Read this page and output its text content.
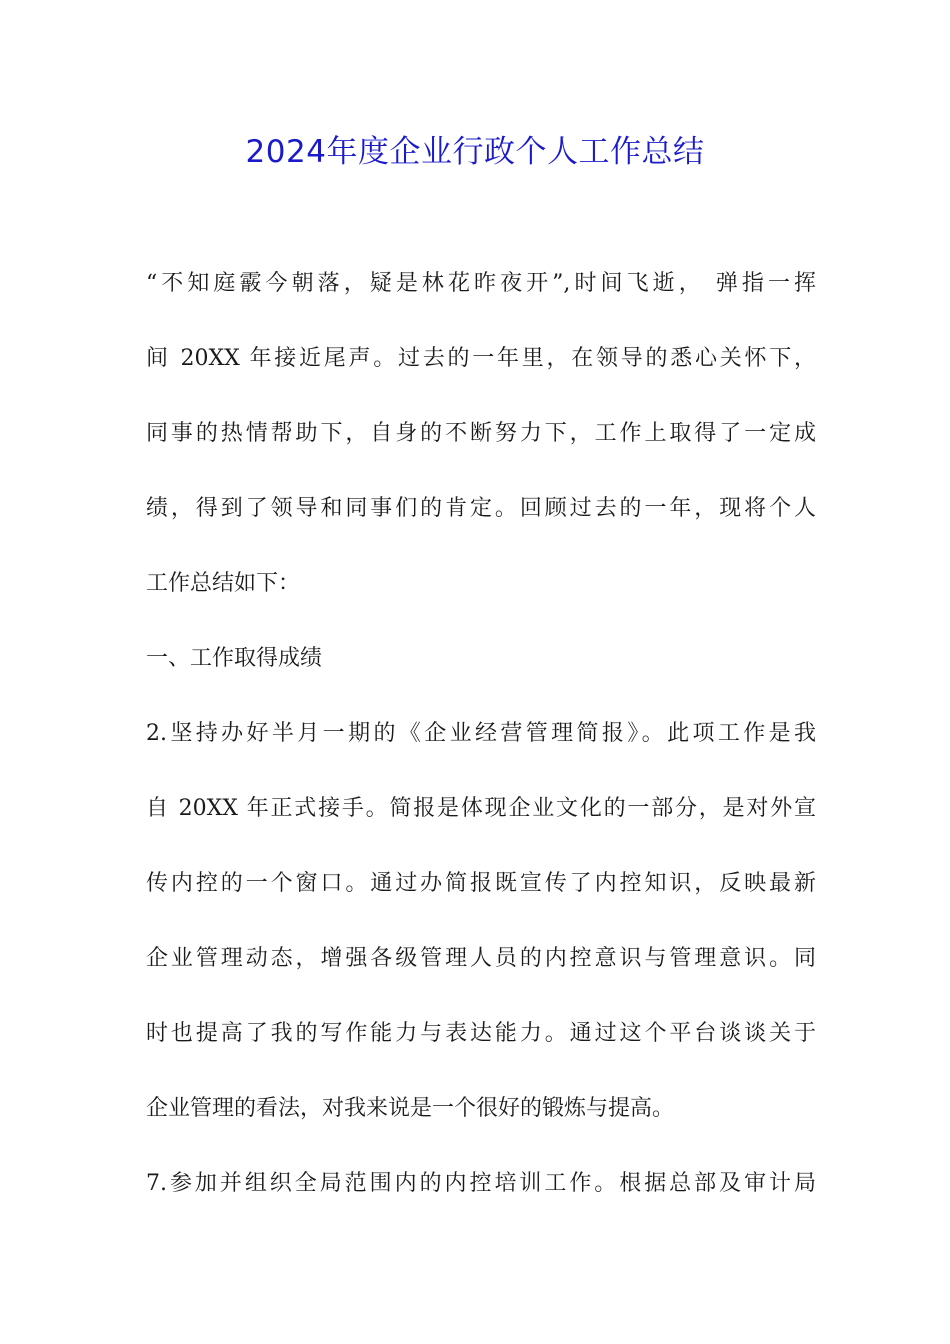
2024年度企业行政个人工作总结

“不知庭霰今朝落，疑是林花昨夜开”,时间飞逝， 弹指一挥

间 20XX 年接近尾声。过去的一年里，在领导的悉心关怀下，

同事的热情帮助下，自身的不断努力下，工作上取得了一定成

绩，得到了领导和同事们的肯定。回顾过去的一年，现将个人

工作总结如下：

一、工作取得成绩

2.坚持办好半月一期的《企业经营管理简报》。此项工作是我

自 20XX 年正式接手。简报是体现企业文化的一部分，是对外宣

传内控的一个窗口。通过办简报既宣传了内控知识，反映最新

企业管理动态，增强各级管理人员的内控意识与管理意识。同

时也提高了我的写作能力与表达能力。通过这个平台谈谈关于

企业管理的看法，对我来说是一个很好的锻炼与提高。

7.参加并组织全局范围内的内控培训工作。根据总部及审计局
